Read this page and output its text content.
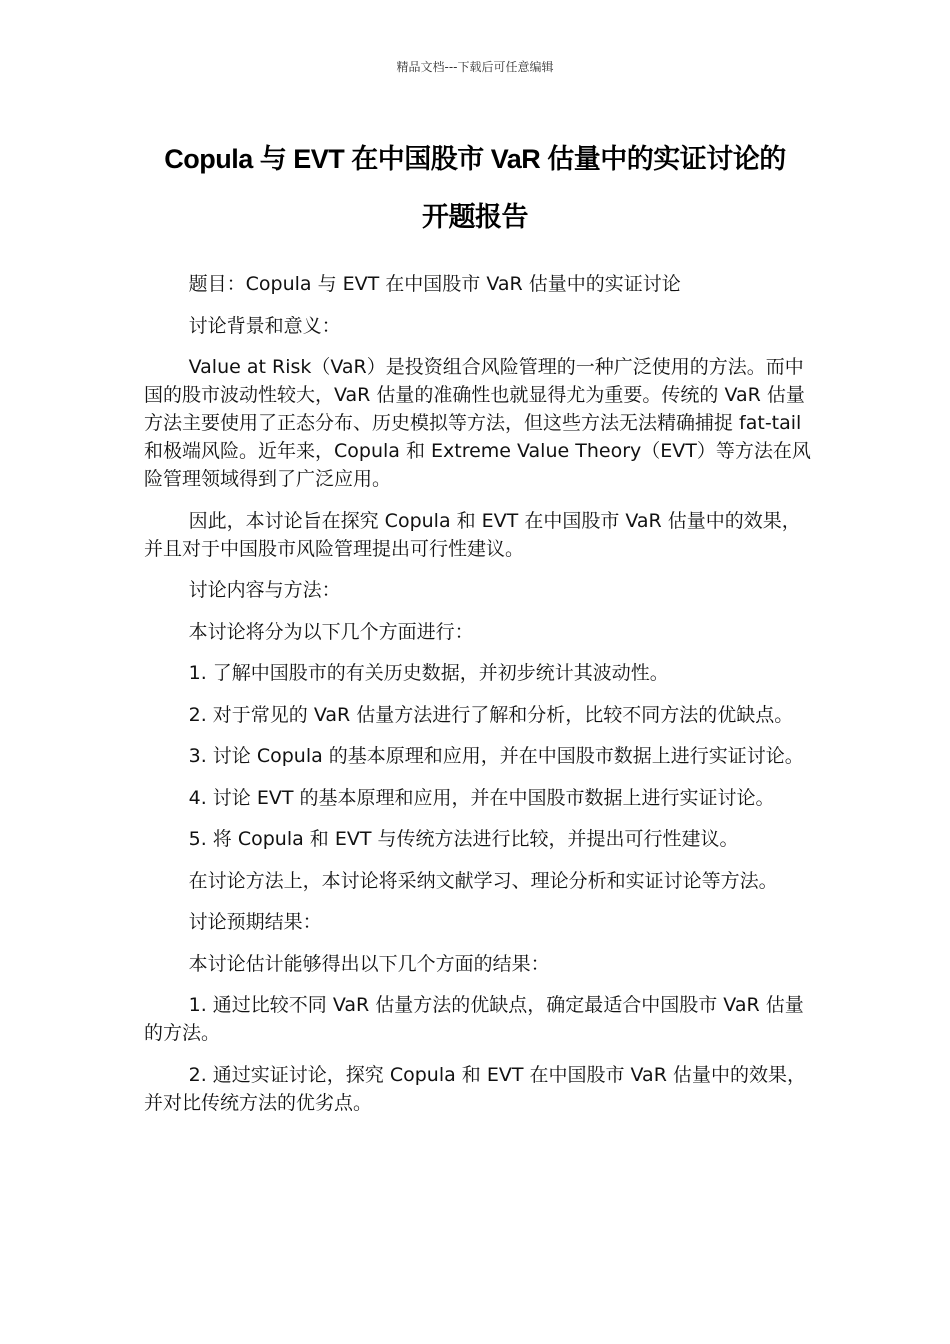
精品文档---下载后可任意编辑
Copula 与 EVT 在中国股市 VaR 估量中的实证讨论的
开题报告

题目：Copula 与 EVT 在中国股市 VaR 估量中的实证讨论

讨论背景和意义：

Value at Risk（VaR）是投资组合风险管理的一种广泛使用的方法。而中国的股市波动性较大，VaR 估量的准确性也就显得尤为重要。传统的 VaR 估量方法主要使用了正态分布、历史模拟等方法，但这些方法无法精确捕捉 fat-tail 和极端风险。近年来，Copula 和 Extreme Value Theory（EVT）等方法在风险管理领域得到了广泛应用。

因此，本讨论旨在探究 Copula 和 EVT 在中国股市 VaR 估量中的效果，并且对于中国股市风险管理提出可行性建议。

讨论内容与方法：

本讨论将分为以下几个方面进行：

1. 了解中国股市的有关历史数据，并初步统计其波动性。

2. 对于常见的 VaR 估量方法进行了解和分析，比较不同方法的优缺点。

3. 讨论 Copula 的基本原理和应用，并在中国股市数据上进行实证讨论。

4. 讨论 EVT 的基本原理和应用，并在中国股市数据上进行实证讨论。

5. 将 Copula 和 EVT 与传统方法进行比较，并提出可行性建议。

在讨论方法上，本讨论将采纳文献学习、理论分析和实证讨论等方法。

讨论预期结果：

本讨论估计能够得出以下几个方面的结果：

1. 通过比较不同 VaR 估量方法的优缺点，确定最适合中国股市 VaR 估量的方法。

2. 通过实证讨论，探究 Copula 和 EVT 在中国股市 VaR 估量中的效果，并对比传统方法的优劣点。
